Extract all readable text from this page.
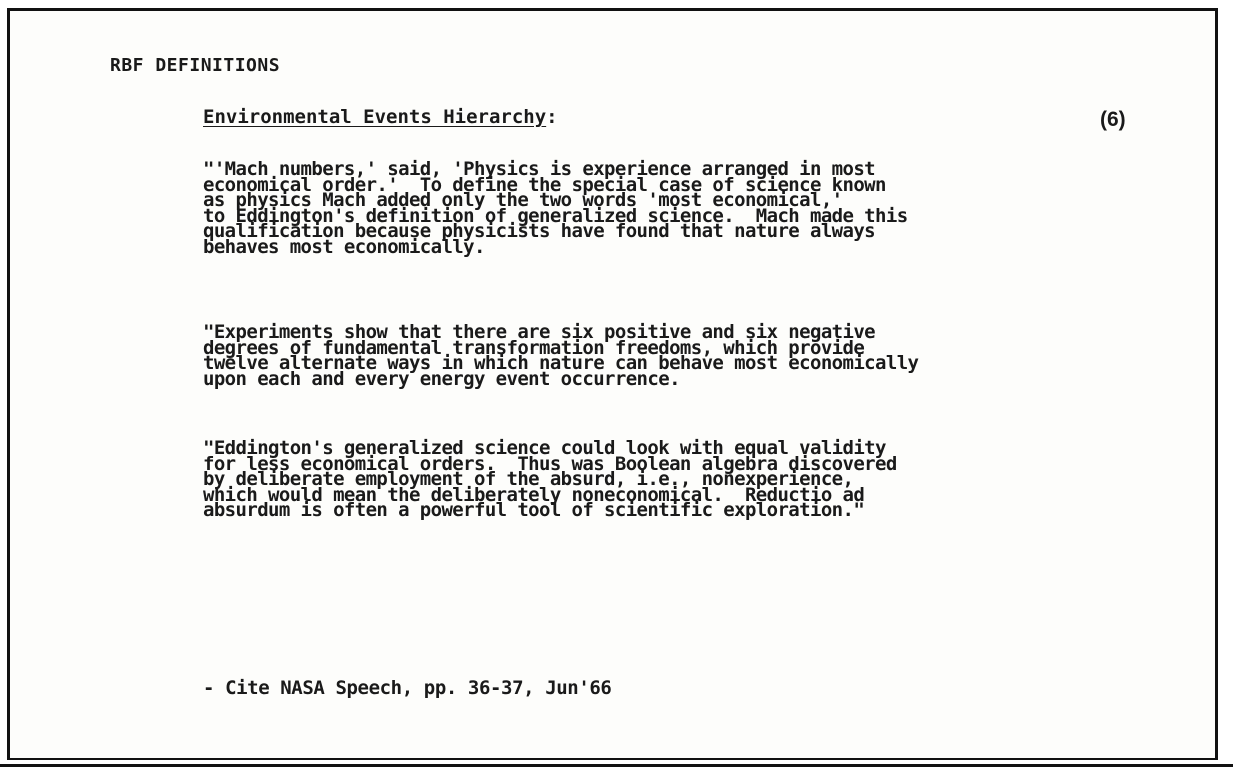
RBF DEFINITIONS
Environmental Events Hierarchy:	(6)
"'Mach numbers,' said, 'Physics is experience arranged in most
economical order.'  To define the special case of science known
as physics Mach added only the two words 'most economical,'
to Eddington's definition of generalized science.  Mach made this
qualification because physicists have found that nature always
behaves most economically.
"Experiments show that there are six positive and six negative
degrees of fundamental transformation freedoms, which provide
twelve alternate ways in which nature can behave most economically
upon each and every energy event occurrence.
"Eddington's generalized science could look with equal validity
for less economical orders.  Thus was Boolean algebra discovered
by deliberate employment of the absurd, i.e., nonexperience,
which would mean the deliberately noneconomical.  Reductio ad
absurdum is often a powerful tool of scientific exploration."
- Cite NASA Speech, pp. 36-37, Jun'66
